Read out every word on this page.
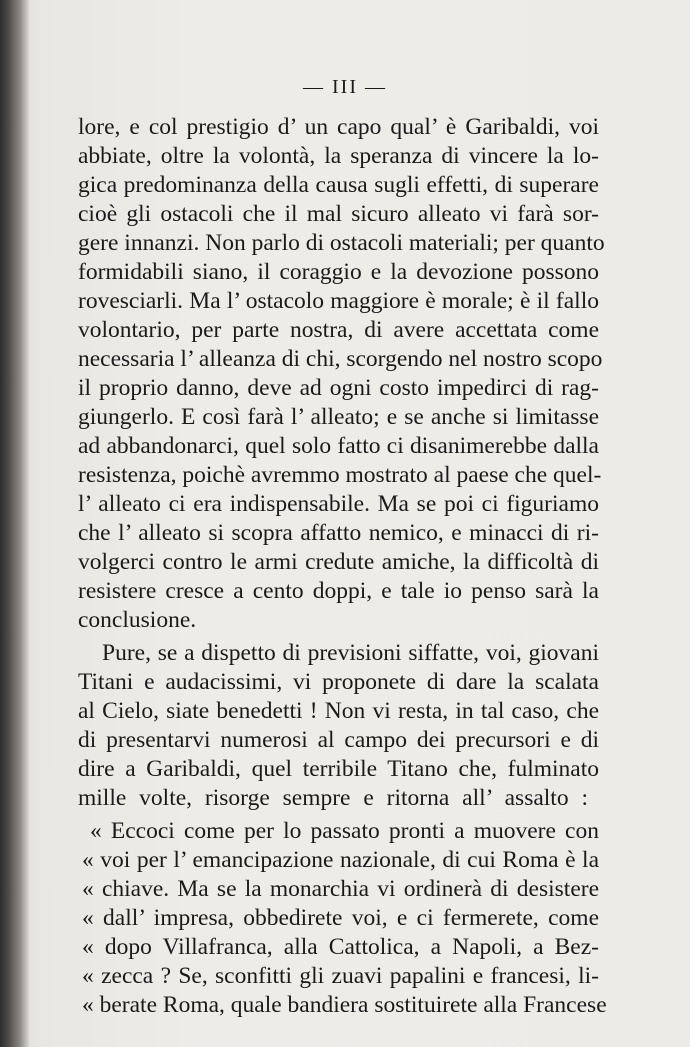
— III —
lore, e col prestigio d’ un capo qual’ è Garibaldi, voi
abbiate, oltre la volontà, la speranza di vincere la lo-
gica predominanza della causa sugli effetti, di superare
cioè gli ostacoli che il mal sicuro alleato vi farà sor-
gere innanzi. Non parlo di ostacoli materiali; per quanto
formidabili siano, il coraggio e la devozione possono
rovesciarli. Ma l’ ostacolo maggiore è morale; è il fallo
volontario, per parte nostra, di avere accettata come
necessaria l’ alleanza di chi, scorgendo nel nostro scopo
il proprio danno, deve ad ogni costo impedirci di rag-
giungerlo. E così farà l’ alleato; e se anche si limitasse
ad abbandonarci, quel solo fatto ci disanimerebbe dalla
resistenza, poichè avremmo mostrato al paese che quel-
l’ alleato ci era indispensabile. Ma se poi ci figuriamo
che l’ alleato si scopra affatto nemico, e minacci di ri-
volgerci contro le armi credute amiche, la difficoltà di
resistere cresce a cento doppi, e tale io penso sarà la
conclusione.
Pure, se a dispetto di previsioni siffatte, voi, giovani
Titani e audacissimi, vi proponete di dare la scalata
al Cielo, siate benedetti ! Non vi resta, in tal caso, che
di presentarvi numerosi al campo dei precursori e di
dire a Garibaldi, quel terribile Titano che, fulminato
mille volte, risorge sempre e ritorna all’ assalto :
« Eccoci come per lo passato pronti a muovere con
« voi per l’ emancipazione nazionale, di cui Roma è la
« chiave. Ma se la monarchia vi ordinerà di desistere
« dall’ impresa, obbedirete voi, e ci fermerete, come
« dopo Villafranca, alla Cattolica, a Napoli, a Bez-
« zecca ? Se, sconfitti gli zuavi papalini e francesi, li-
« berate Roma, quale bandiera sostituirete alla Francese
